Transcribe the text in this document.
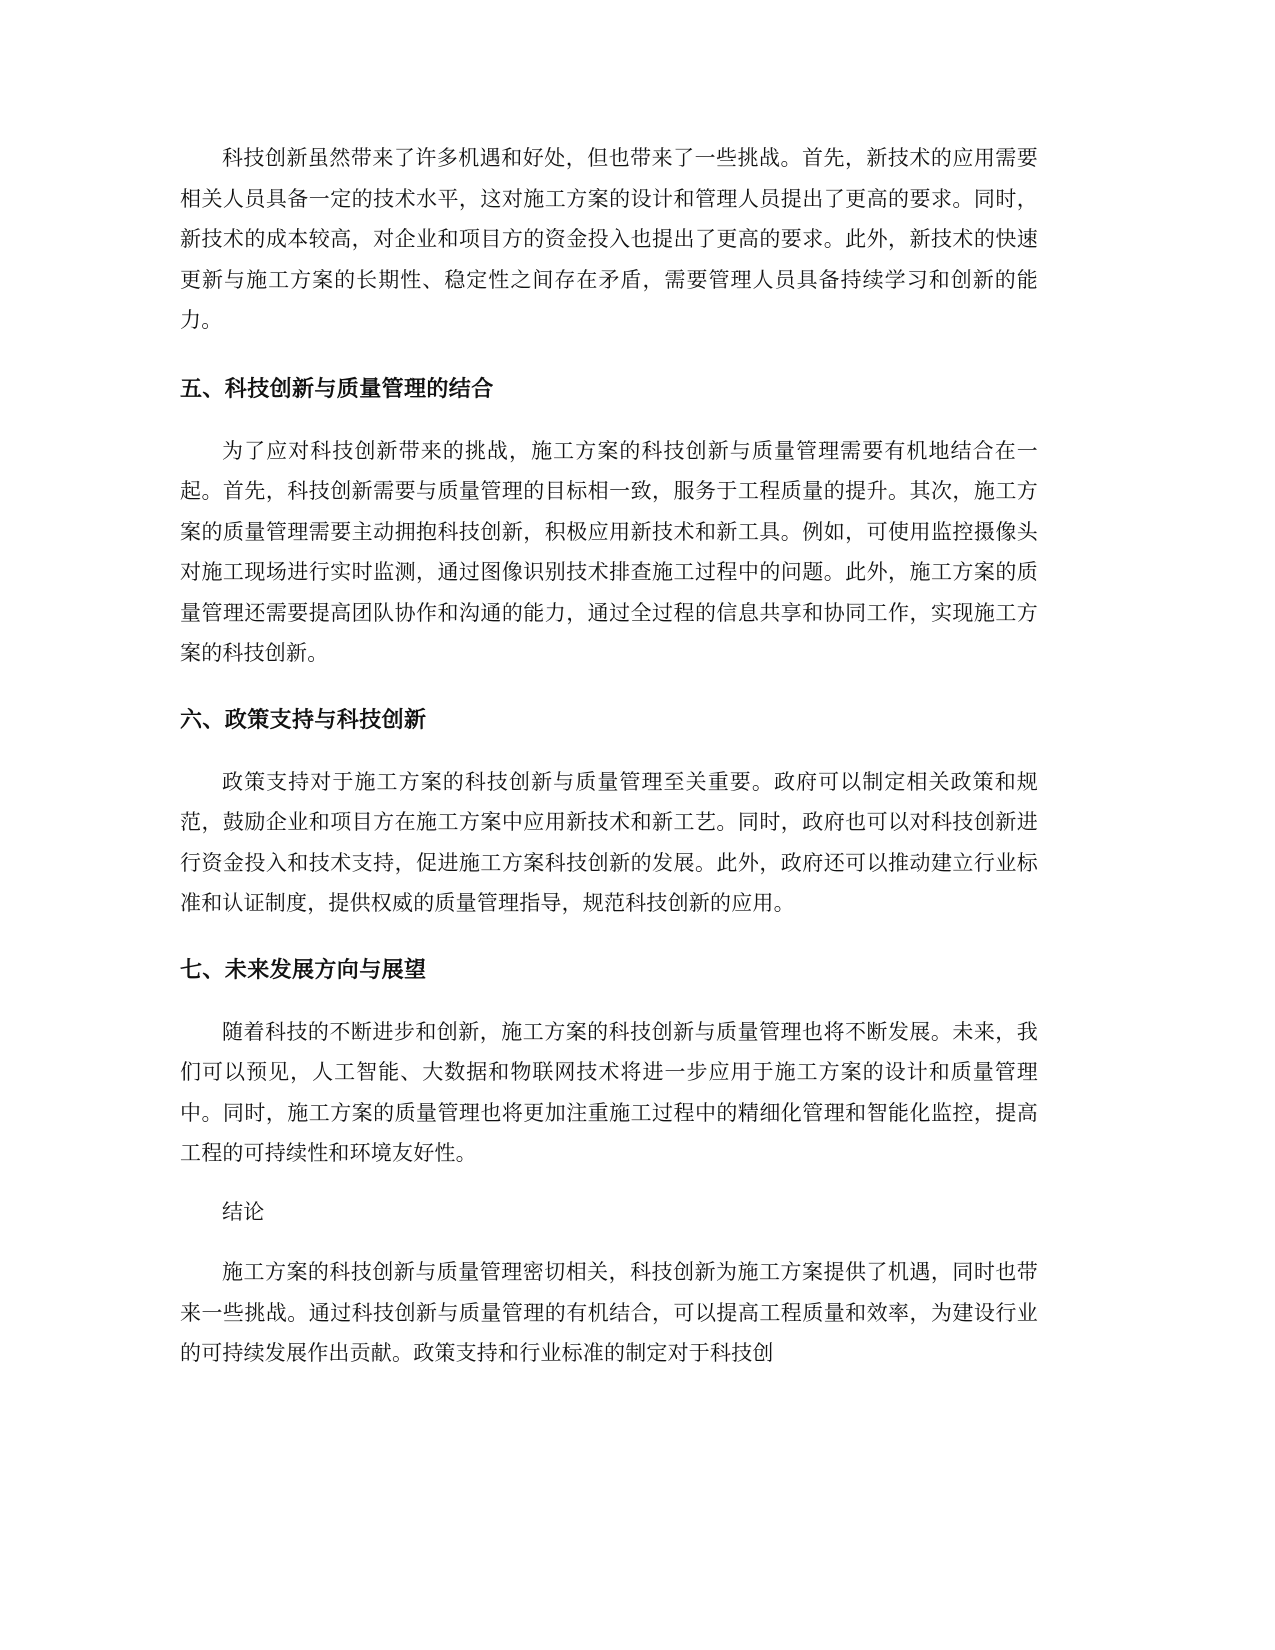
科技创新虽然带来了许多机遇和好处，但也带来了一些挑战。首先，新技术的应用需要相关人员具备一定的技术水平，这对施工方案的设计和管理人员提出了更高的要求。同时，新技术的成本较高，对企业和项目方的资金投入也提出了更高的要求。此外，新技术的快速更新与施工方案的长期性、稳定性之间存在矛盾，需要管理人员具备持续学习和创新的能力。

五、科技创新与质量管理的结合

为了应对科技创新带来的挑战，施工方案的科技创新与质量管理需要有机地结合在一起。首先，科技创新需要与质量管理的目标相一致，服务于工程质量的提升。其次，施工方案的质量管理需要主动拥抱科技创新，积极应用新技术和新工具。例如，可使用监控摄像头对施工现场进行实时监测，通过图像识别技术排查施工过程中的问题。此外，施工方案的质量管理还需要提高团队协作和沟通的能力，通过全过程的信息共享和协同工作，实现施工方案的科技创新。

六、政策支持与科技创新

政策支持对于施工方案的科技创新与质量管理至关重要。政府可以制定相关政策和规范，鼓励企业和项目方在施工方案中应用新技术和新工艺。同时，政府也可以对科技创新进行资金投入和技术支持，促进施工方案科技创新的发展。此外，政府还可以推动建立行业标准和认证制度，提供权威的质量管理指导，规范科技创新的应用。

七、未来发展方向与展望

随着科技的不断进步和创新，施工方案的科技创新与质量管理也将不断发展。未来，我们可以预见，人工智能、大数据和物联网技术将进一步应用于施工方案的设计和质量管理中。同时，施工方案的质量管理也将更加注重施工过程中的精细化管理和智能化监控，提高工程的可持续性和环境友好性。

结论

施工方案的科技创新与质量管理密切相关，科技创新为施工方案提供了机遇，同时也带来一些挑战。通过科技创新与质量管理的有机结合，可以提高工程质量和效率，为建设行业的可持续发展作出贡献。政策支持和行业标准的制定对于科技创
